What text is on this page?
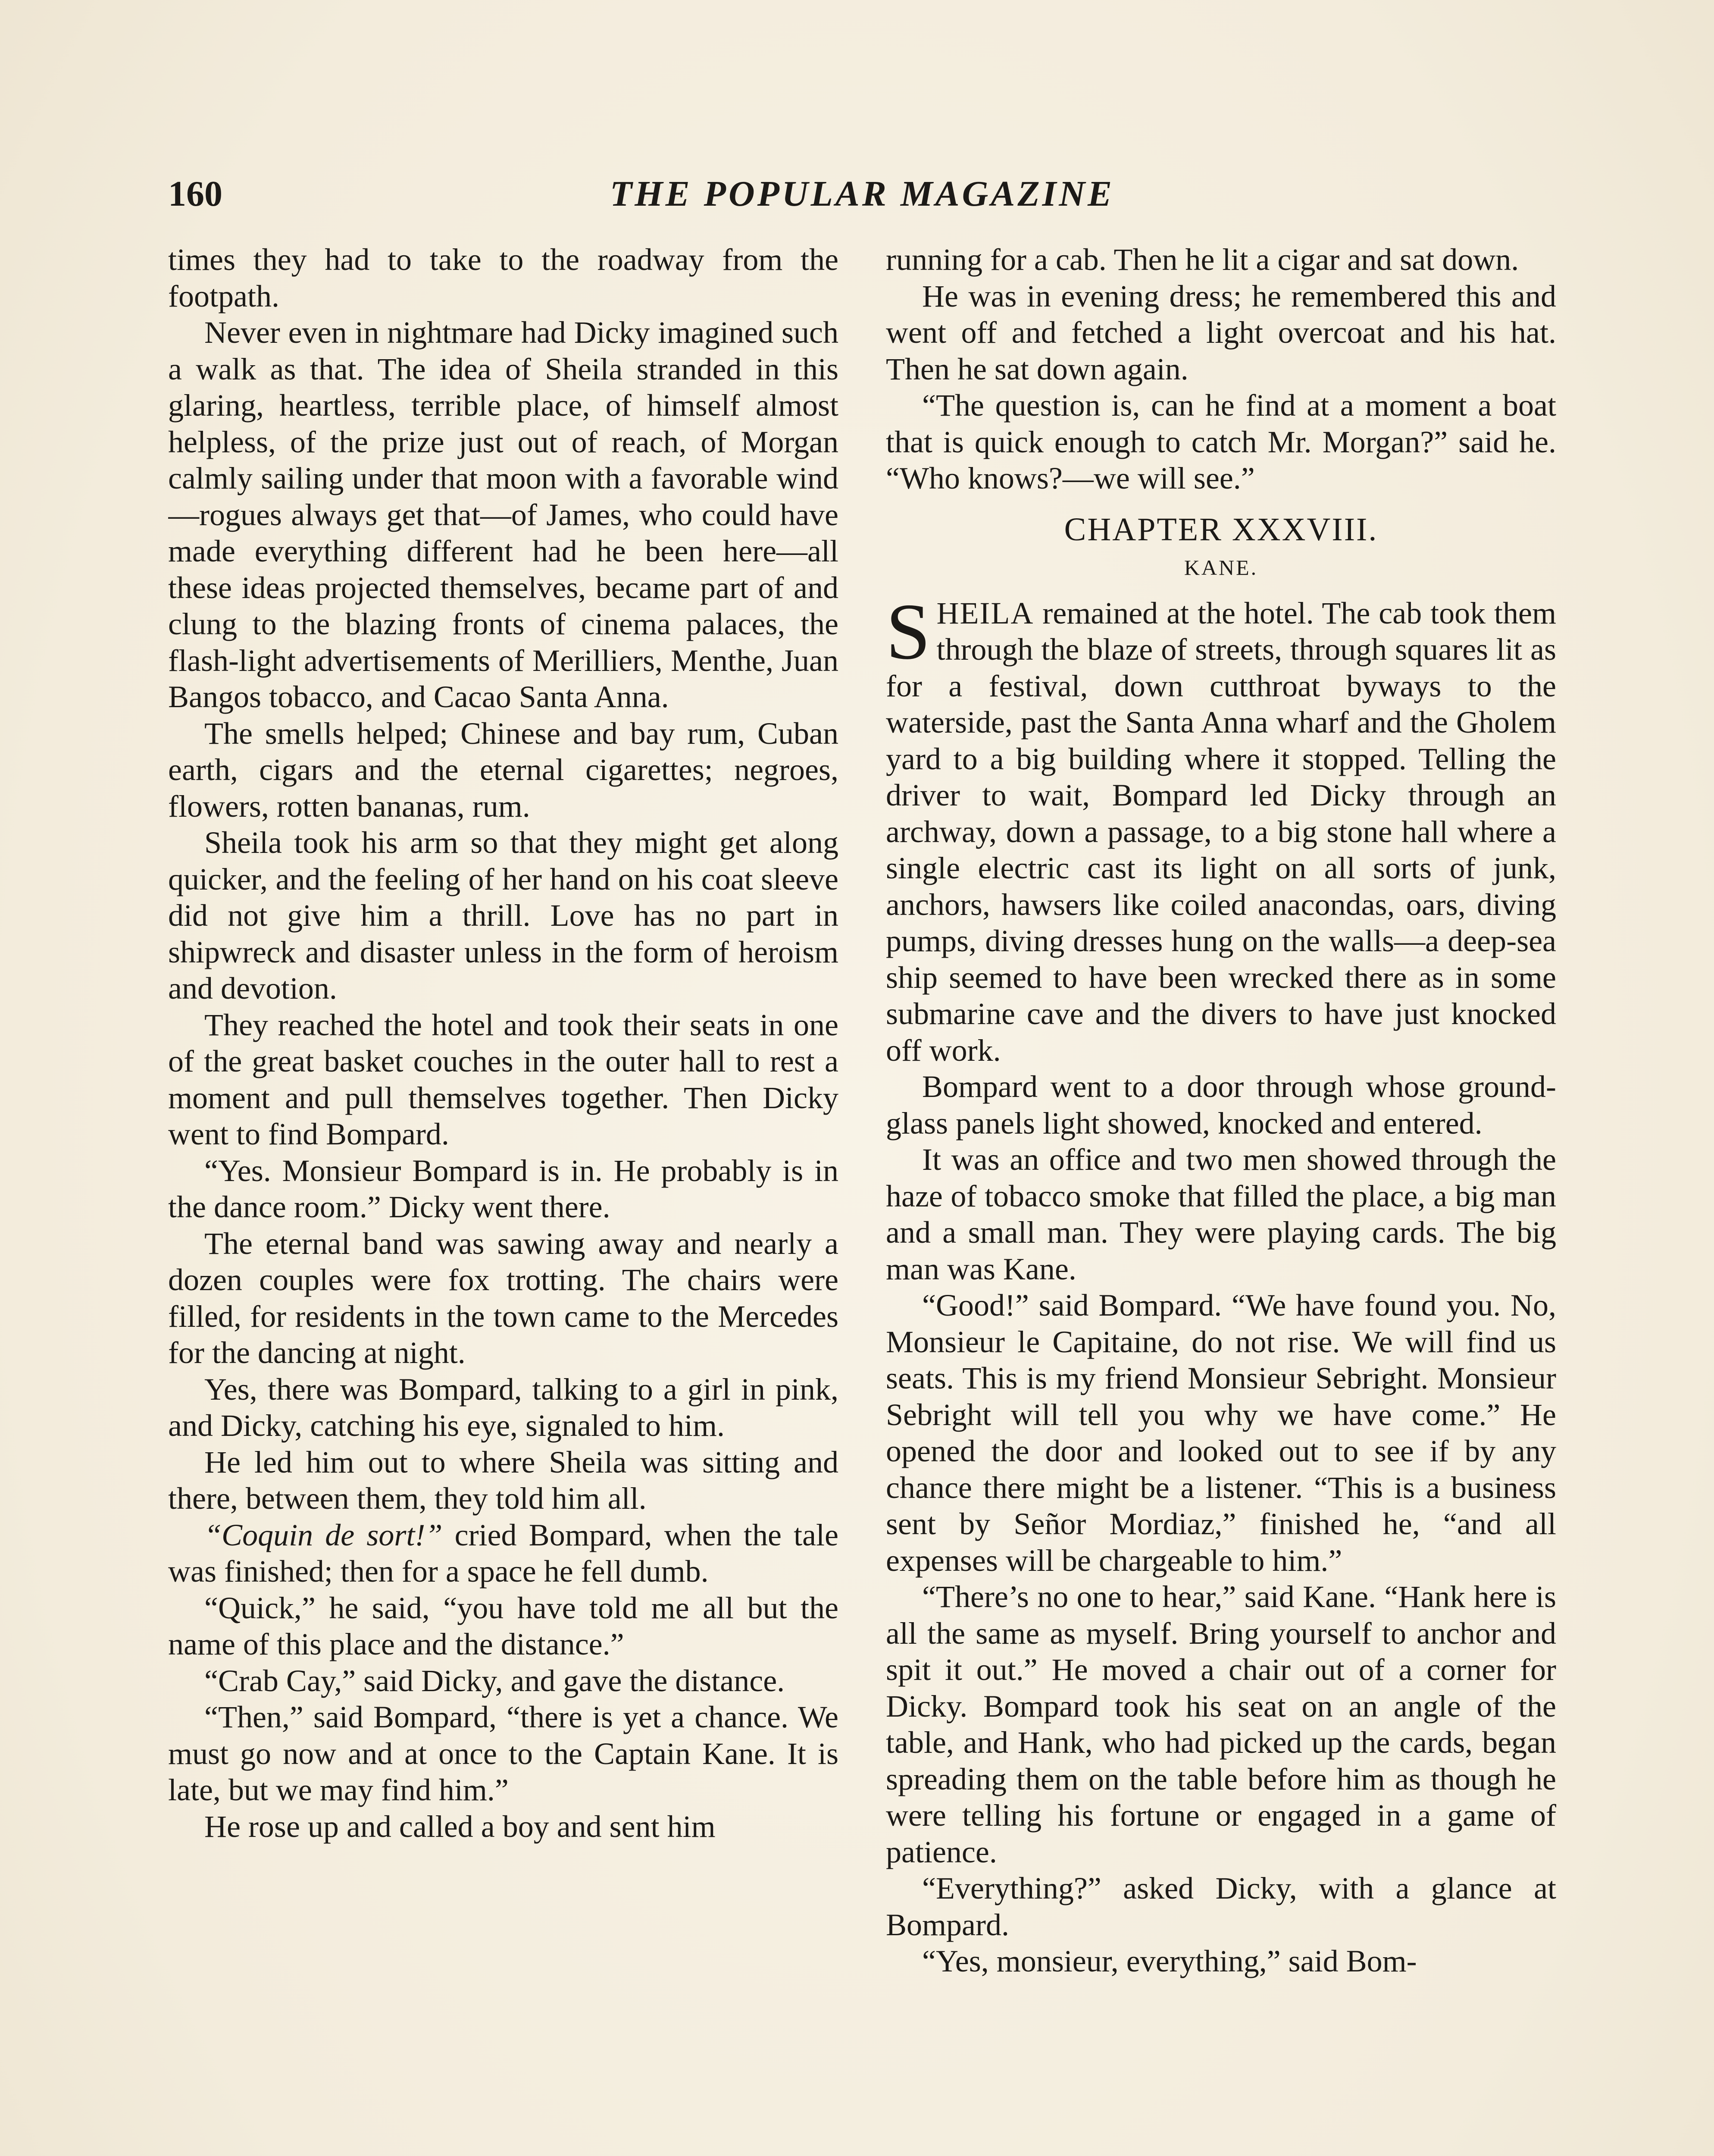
160	THE POPULAR MAGAZINE

times they had to take to the roadway from the footpath.

Never even in nightmare had Dicky imagined such a walk as that. The idea of Sheila stranded in this glaring, heartless, terrible place, of himself almost helpless, of the prize just out of reach, of Morgan calmly sailing under that moon with a favorable wind—rogues always get that—of James, who could have made everything different had he been here—all these ideas projected themselves, became part of and clung to the blazing fronts of cinema palaces, the flash-light advertisements of Merilliers, Menthe, Juan Bangos tobacco, and Cacao Santa Anna.

The smells helped; Chinese and bay rum, Cuban earth, cigars and the eternal cigarettes; negroes, flowers, rotten bananas, rum.

Sheila took his arm so that they might get along quicker, and the feeling of her hand on his coat sleeve did not give him a thrill. Love has no part in shipwreck and disaster unless in the form of heroism and devotion.

They reached the hotel and took their seats in one of the great basket couches in the outer hall to rest a moment and pull themselves together. Then Dicky went to find Bompard.

“Yes. Monsieur Bompard is in. He probably is in the dance room.” Dicky went there.

The eternal band was sawing away and nearly a dozen couples were fox trotting. The chairs were filled, for residents in the town came to the Mercedes for the dancing at night.

Yes, there was Bompard, talking to a girl in pink, and Dicky, catching his eye, signaled to him.

He led him out to where Sheila was sitting and there, between them, they told him all.

“Coquin de sort!” cried Bompard, when the tale was finished; then for a space he fell dumb.

“Quick,” he said, “you have told me all but the name of this place and the distance.”

“Crab Cay,” said Dicky, and gave the distance.

“Then,” said Bompard, “there is yet a chance. We must go now and at once to the Captain Kane. It is late, but we may find him.”

He rose up and called a boy and sent him

running for a cab. Then he lit a cigar and sat down.

He was in evening dress; he remembered this and went off and fetched a light overcoat and his hat. Then he sat down again.

“The question is, can he find at a moment a boat that is quick enough to catch Mr. Morgan?” said he. “Who knows?—we will see.”

CHAPTER XXXVIII.
KANE.

SHEILA remained at the hotel. The cab took them through the blaze of streets, through squares lit as for a festival, down cutthroat byways to the waterside, past the Santa Anna wharf and the Gholem yard to a big building where it stopped. Telling the driver to wait, Bompard led Dicky through an archway, down a passage, to a big stone hall where a single electric cast its light on all sorts of junk, anchors, hawsers like coiled anacondas, oars, diving pumps, diving dresses hung on the walls—a deep-sea ship seemed to have been wrecked there as in some submarine cave and the divers to have just knocked off work.

Bompard went to a door through whose ground-glass panels light showed, knocked and entered.

It was an office and two men showed through the haze of tobacco smoke that filled the place, a big man and a small man. They were playing cards. The big man was Kane.

“Good!” said Bompard. “We have found you. No, Monsieur le Capitaine, do not rise. We will find us seats. This is my friend Monsieur Sebright. Monsieur Sebright will tell you why we have come.” He opened the door and looked out to see if by any chance there might be a listener. “This is a business sent by Señor Mordiaz,” finished he, “and all expenses will be chargeable to him.”

“There’s no one to hear,” said Kane. “Hank here is all the same as myself. Bring yourself to anchor and spit it out.” He moved a chair out of a corner for Dicky. Bompard took his seat on an angle of the table, and Hank, who had picked up the cards, began spreading them on the table before him as though he were telling his fortune or engaged in a game of patience.

“Everything?” asked Dicky, with a glance at Bompard.

“Yes, monsieur, everything,” said Bom-
